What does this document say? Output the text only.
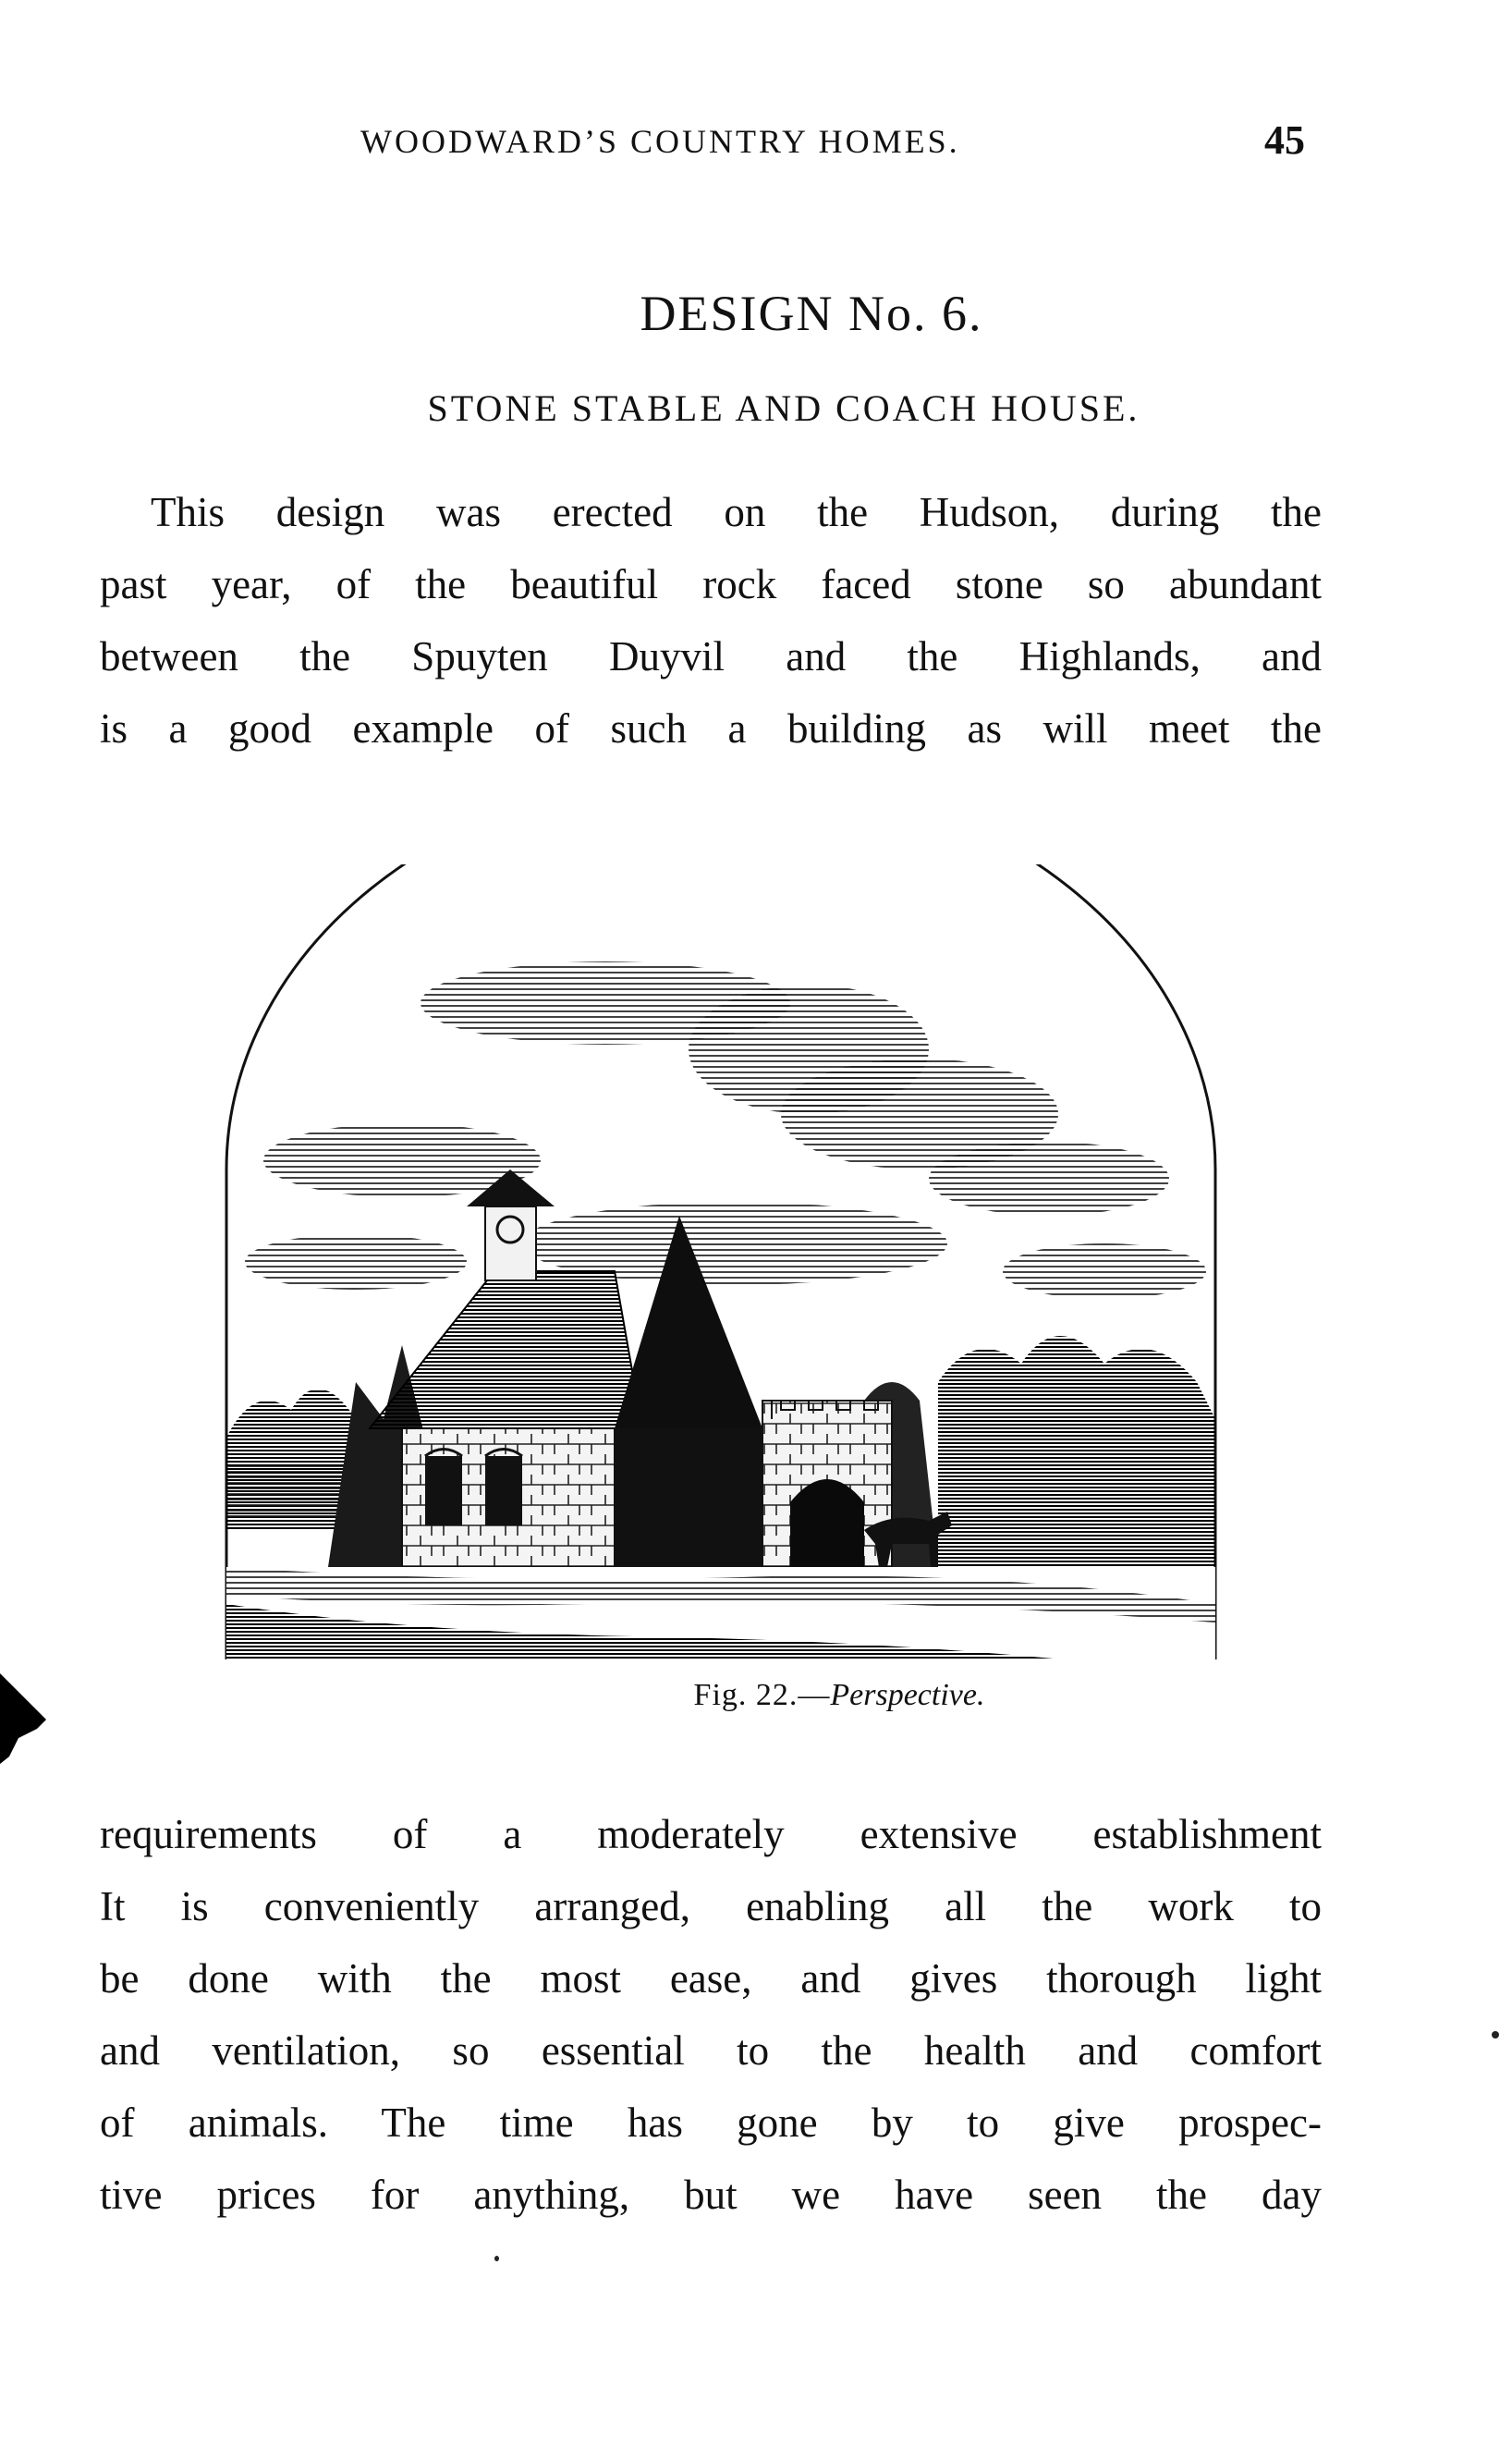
WOODWARD’S COUNTRY HOMES.	45
DESIGN No. 6.
STONE STABLE AND COACH HOUSE.
This design was erected on the Hudson, during the
past year, of the beautiful rock faced stone so abundant
between the Spuyten Duyvil and the Highlands, and
is a good example of such a building as will meet the
Fig. 22.—Perspective.
requirements of a moderately extensive establishment
It is conveniently arranged, enabling all the work to
be done with the most ease, and gives thorough light
and ventilation, so essential to the health and comfort
of animals. The time has gone by to give prospec-
tive prices for anything, but we have seen the day
